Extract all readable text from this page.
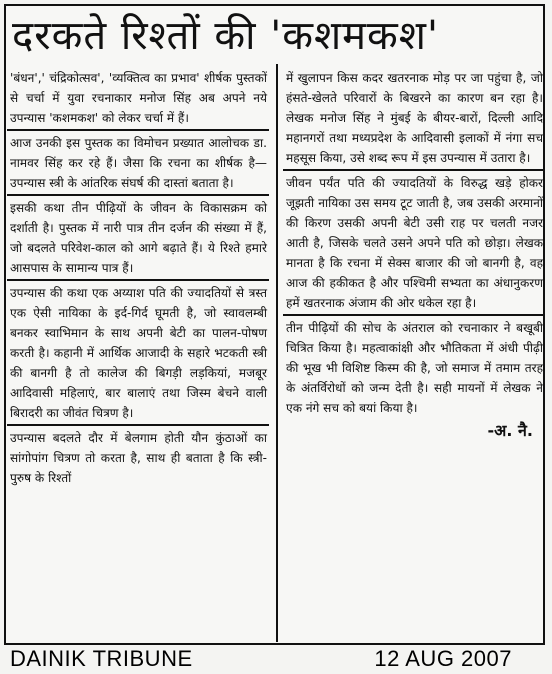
दरकते रिश्तों की 'कशमकश'

'बंधन',' चंद्रिकोत्सव', 'व्यक्तित्व का प्रभाव' शीर्षक पुस्तकों से चर्चा में युवा रचनाकार मनोज सिंह अब अपने नये उपन्यास 'कशमकश' को लेकर चर्चा में हैं।

आज उनकी इस पुस्तक का विमोचन प्रख्यात आलोचक डा. नामवर सिंह कर रहे हैं। जैसा कि रचना का शीर्षक है—उपन्यास स्त्री के आंतरिक संघर्ष की दास्तां बताता है।

इसकी कथा तीन पीढ़ियों के जीवन के विकासक्रम को दर्शाती है। पुस्तक में नारी पात्र तीन दर्जन की संख्या में हैं, जो बदलते परिवेश-काल को आगे बढ़ाते हैं। ये रिश्ते हमारे आसपास के सामान्य पात्र हैं।

उपन्यास की कथा एक अय्याश पति की ज्यादतियों से त्रस्त एक ऐसी नायिका के इर्द-गिर्द घूमती है, जो स्वावलम्बी बनकर स्वाभिमान के साथ अपनी बेटी का पालन-पोषण करती है। कहानी में आर्थिक आजादी के सहारे भटकती स्त्री की बानगी है तो कालेज की बिगड़ी लड़कियां, मजबूर आदिवासी महिलाएं, बार बालाएं तथा जिस्म बेचने वाली बिरादरी का जीवंत चित्रण है।

उपन्यास बदलते दौर में बेलगाम होती यौन कुंठाओं का सांगोपांग चित्रण तो करता है, साथ ही बताता है कि स्त्री-पुरुष के रिश्तों

में खुलापन किस कदर खतरनाक मोड़ पर जा पहुंचा है, जो हंसते-खेलते परिवारों के बिखरने का कारण बन रहा है। लेखक मनोज सिंह ने मुंबई के बीयर-बारों, दिल्ली आदि महानगरों तथा मध्यप्रदेश के आदिवासी इलाकों में नंगा सच महसूस किया, उसे शब्द रूप में इस उपन्यास में उतारा है।

जीवन पर्यंत पति की ज्यादतियों के विरुद्ध खड़े होकर जूझती नायिका उस समय टूट जाती है, जब उसकी अरमानों की किरण उसकी अपनी बेटी उसी राह पर चलती नजर आती है, जिसके चलते उसने अपने पति को छोड़ा। लेखक मानता है कि रचना में सेक्स बाजार की जो बानगी है, वह आज की हकीकत है और पश्चिमी सभ्यता का अंधानुकरण हमें खतरनाक अंजाम की ओर धकेल रहा है।

तीन पीढ़ियों की सोच के अंतराल को रचनाकार ने बखूबी चित्रित किया है। महत्वाकांक्षी और भौतिकता में अंधी पीढ़ी की भूख भी विशिष्ट किस्म की है, जो समाज में तमाम तरह के अंतर्विरोधों को जन्म देती है। सही मायनों में लेखक ने एक नंगे सच को बयां किया है।

-अ. नै.
DAINIK TRIBUNE	12 AUG 2007
